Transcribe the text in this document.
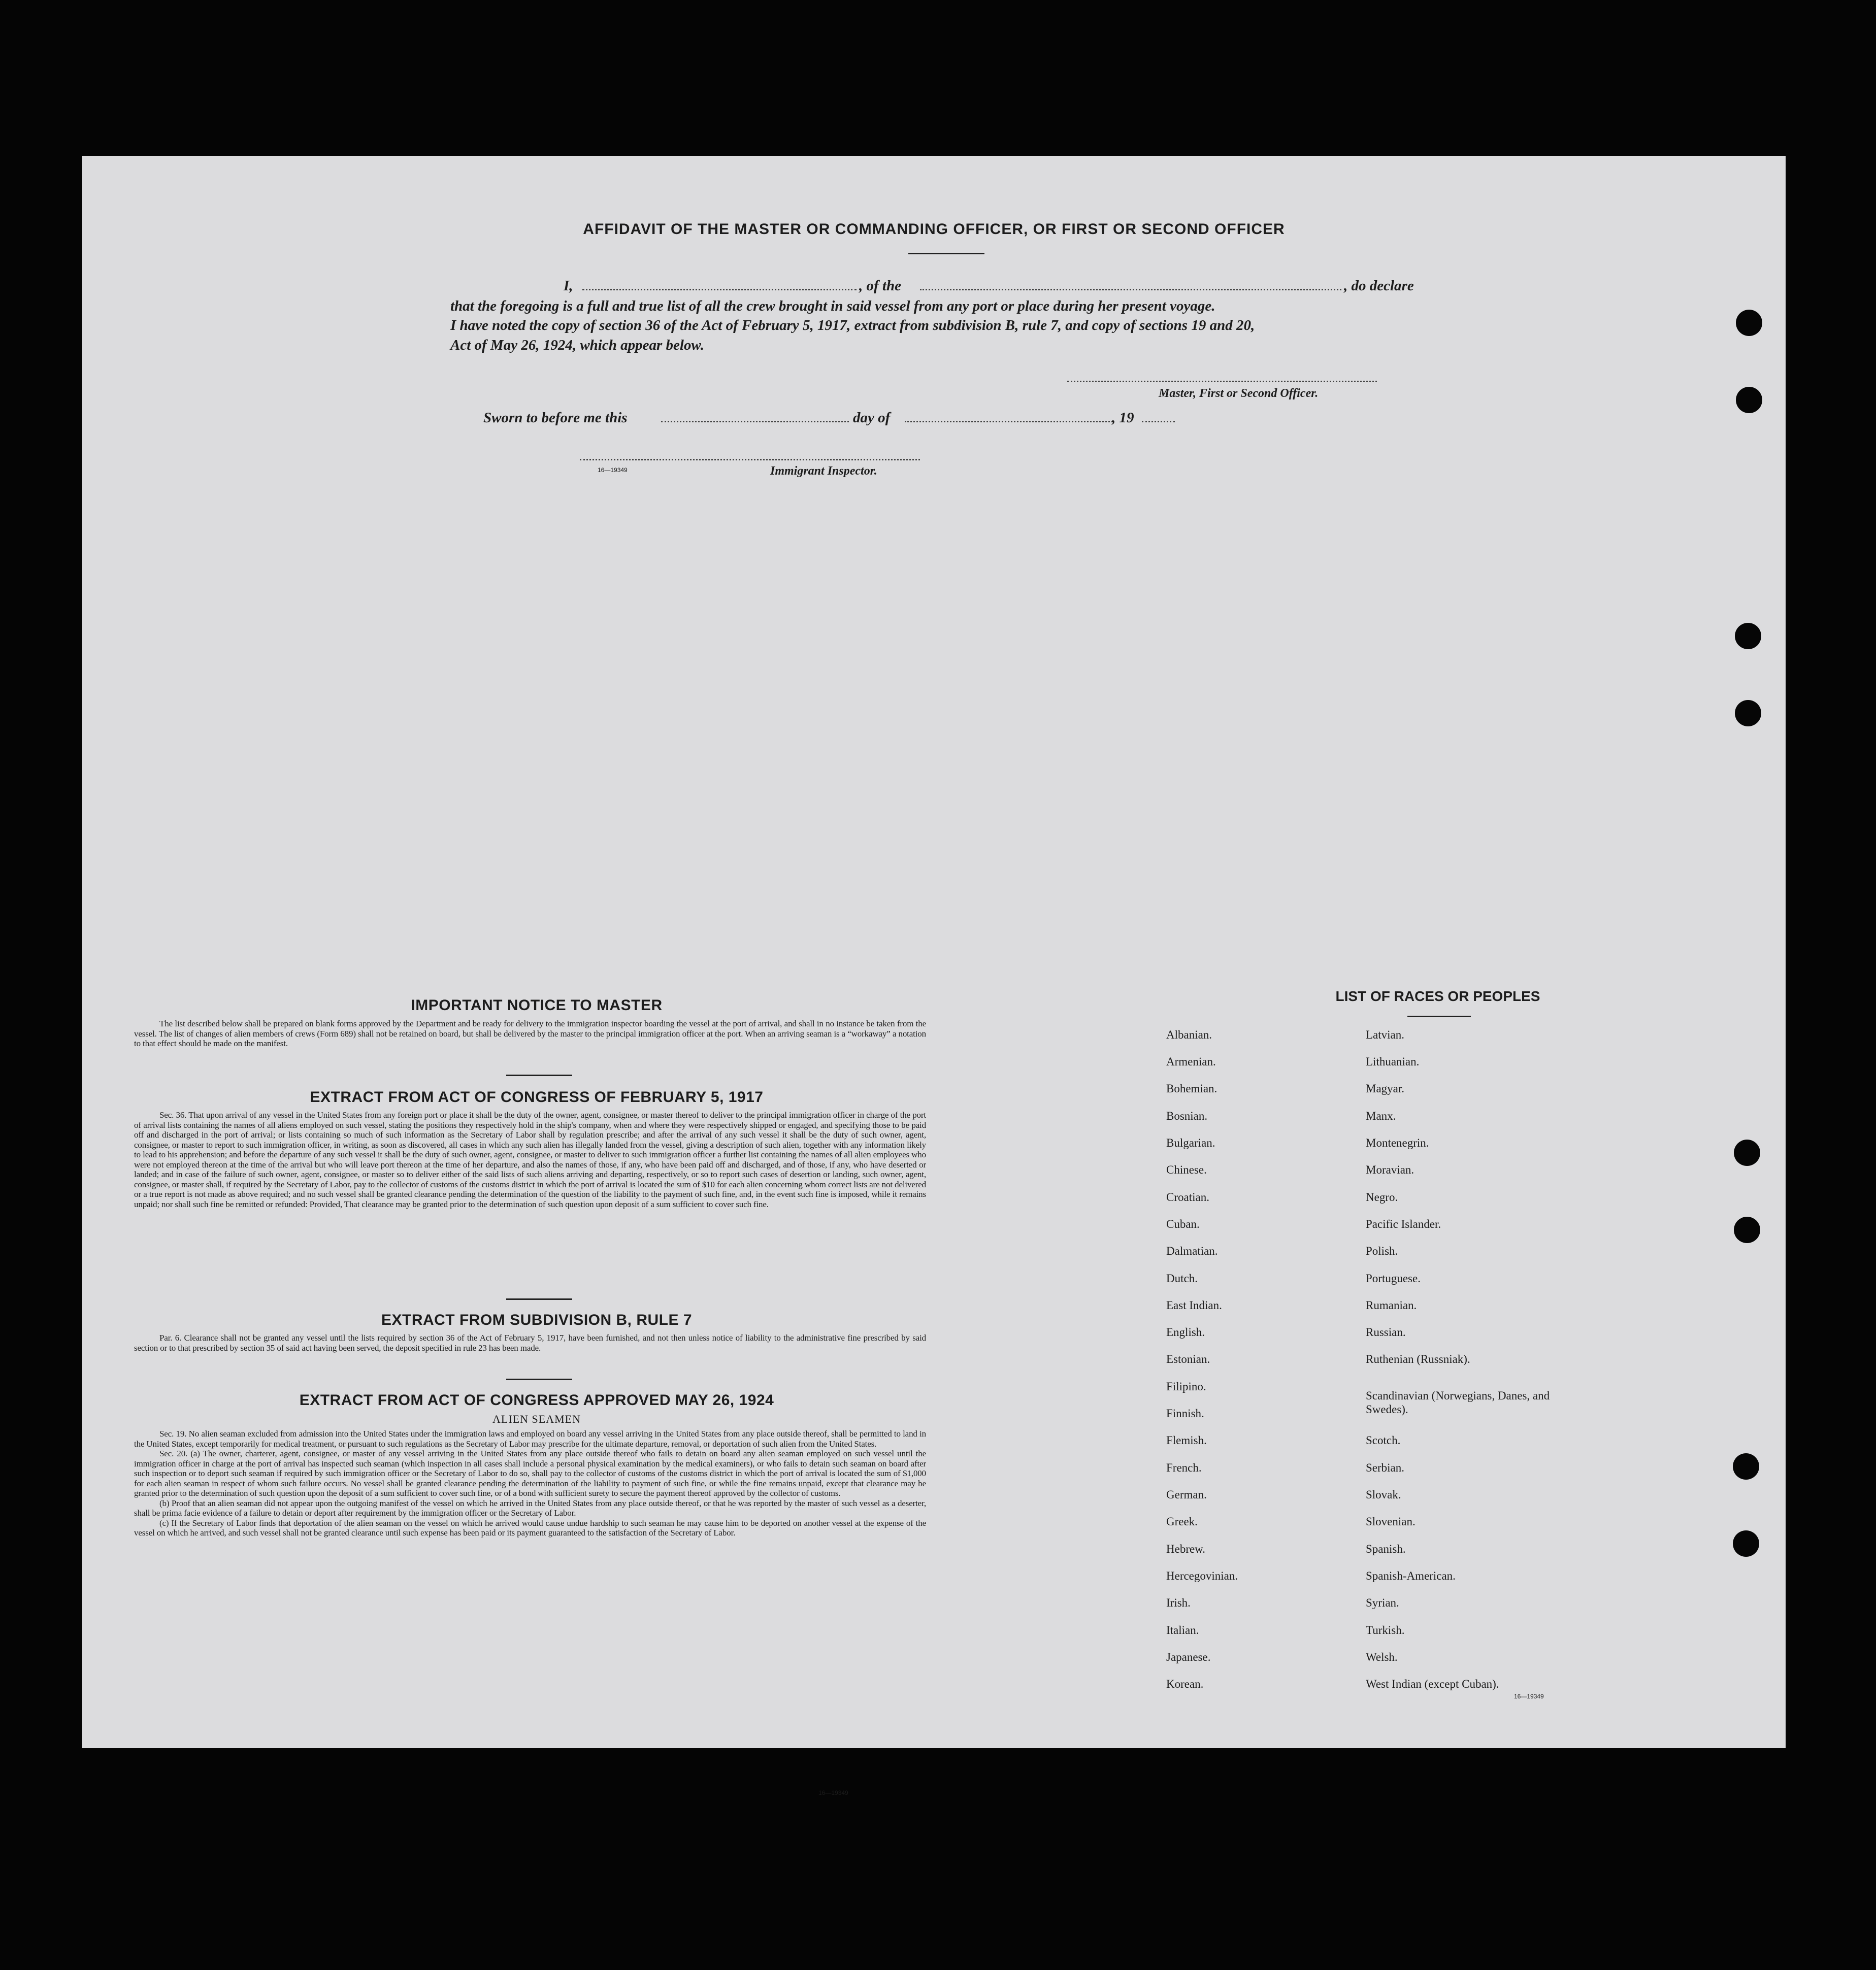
AFFIDAVIT OF THE MASTER OR COMMANDING OFFICER, OR FIRST OR SECOND OFFICER
I,	, of the	, do declare
that the foregoing is a full and true list of all the crew brought in said vessel from any port or place during her present voyage.
I have noted the copy of section 36 of the Act of February 5, 1917, extract from subdivision B, rule 7, and copy of sections 19 and 20,
Act of May 26, 1924, which appear below.
Master, First or Second Officer.
Sworn to before me this	day of	, 19
16—19349	Immigrant Inspector.
IMPORTANT NOTICE TO MASTER

The list described below shall be prepared on blank forms approved by the Department and be ready for delivery to the immigration inspector boarding the vessel at the port of arrival, and shall in no instance be taken from the vessel. The list of changes of alien members of crews (Form 689) shall not be retained on board, but shall be delivered by the master to the principal immigration officer at the port. When an arriving seaman is a “workaway” a notation to that effect should be made on the manifest.

EXTRACT FROM ACT OF CONGRESS OF FEBRUARY 5, 1917

Sec. 36. That upon arrival of any vessel in the United States from any foreign port or place it shall be the duty of the owner, agent, consignee, or master thereof to deliver to the principal immigration officer in charge of the port of arrival lists containing the names of all aliens employed on such vessel, stating the positions they respectively hold in the ship's company, when and where they were respectively shipped or engaged, and specifying those to be paid off and discharged in the port of arrival; or lists containing so much of such information as the Secretary of Labor shall by regulation prescribe; and after the arrival of any such vessel it shall be the duty of such owner, agent, consignee, or master to report to such immigration officer, in writing, as soon as discovered, all cases in which any such alien has illegally landed from the vessel, giving a description of such alien, together with any information likely to lead to his apprehension; and before the departure of any such vessel it shall be the duty of such owner, agent, consignee, or master to deliver to such immigration officer a further list containing the names of all alien employees who were not employed thereon at the time of the arrival but who will leave port thereon at the time of her departure, and also the names of those, if any, who have been paid off and discharged, and of those, if any, who have deserted or landed; and in case of the failure of such owner, agent, consignee, or master so to deliver either of the said lists of such aliens arriving and departing, respectively, or so to report such cases of desertion or landing, such owner, agent, consignee, or master shall, if required by the Secretary of Labor, pay to the collector of customs of the customs district in which the port of arrival is located the sum of $10 for each alien concerning whom correct lists are not delivered or a true report is not made as above required; and no such vessel shall be granted clearance pending the determination of the question of the liability to the payment of such fine, and, in the event such fine is imposed, while it remains unpaid; nor shall such fine be remitted or refunded: Provided, That clearance may be granted prior to the determination of such question upon deposit of a sum sufficient to cover such fine.

EXTRACT FROM SUBDIVISION B, RULE 7

Par. 6. Clearance shall not be granted any vessel until the lists required by section 36 of the Act of February 5, 1917, have been furnished, and not then unless notice of liability to the administrative fine prescribed by said section or to that prescribed by section 35 of said act having been served, the deposit specified in rule 23 has been made.

EXTRACT FROM ACT OF CONGRESS APPROVED MAY 26, 1924
ALIEN SEAMEN

Sec. 19. No alien seaman excluded from admission into the United States under the immigration laws and employed on board any vessel arriving in the United States from any place outside thereof, shall be permitted to land in the United States, except temporarily for medical treatment, or pursuant to such regulations as the Secretary of Labor may prescribe for the ultimate departure, removal, or deportation of such alien from the United States.

Sec. 20. (a) The owner, charterer, agent, consignee, or master of any vessel arriving in the United States from any place outside thereof who fails to detain on board any alien seaman employed on such vessel until the immigration officer in charge at the port of arrival has inspected such seaman (which inspection in all cases shall include a personal physical examination by the medical examiners), or who fails to detain such seaman on board after such inspection or to deport such seaman if required by such immigration officer or the Secretary of Labor to do so, shall pay to the collector of customs of the customs district in which the port of arrival is located the sum of $1,000 for each alien seaman in respect of whom such failure occurs. No vessel shall be granted clearance pending the determination of the liability to payment of such fine, or while the fine remains unpaid, except that clearance may be granted prior to the determination of such question upon the deposit of a sum sufficient to cover such fine, or of a bond with sufficient surety to secure the payment thereof approved by the collector of customs.

(b) Proof that an alien seaman did not appear upon the outgoing manifest of the vessel on which he arrived in the United States from any place outside thereof, or that he was reported by the master of such vessel as a deserter, shall be prima facie evidence of a failure to detain or deport after requirement by the immigration officer or the Secretary of Labor.

(c) If the Secretary of Labor finds that deportation of the alien seaman on the vessel on which he arrived would cause undue hardship to such seaman he may cause him to be deported on another vessel at the expense of the vessel on which he arrived, and such vessel shall not be granted clearance until such expense has been paid or its payment guaranteed to the satisfaction of the Secretary of Labor.

16—19349
LIST OF RACES OR PEOPLES
Albanian.
Armenian.
Bohemian.
Bosnian.
Bulgarian.
Chinese.
Croatian.
Cuban.
Dalmatian.
Dutch.
East Indian.
English.
Estonian.
Filipino.
Finnish.
Flemish.
French.
German.
Greek.
Hebrew.
Hercegovinian.
Irish.
Italian.
Japanese.
Korean.
Latvian.
Lithuanian.
Magyar.
Manx.
Montenegrin.
Moravian.
Negro.
Pacific Islander.
Polish.
Portuguese.
Rumanian.
Russian.
Ruthenian (Russniak).
Scandinavian (Norwegians, Danes, and Swedes).
Scotch.
Serbian.
Slovak.
Slovenian.
Spanish.
Spanish-American.
Syrian.
Turkish.
Welsh.
West Indian (except Cuban).
16—19349
